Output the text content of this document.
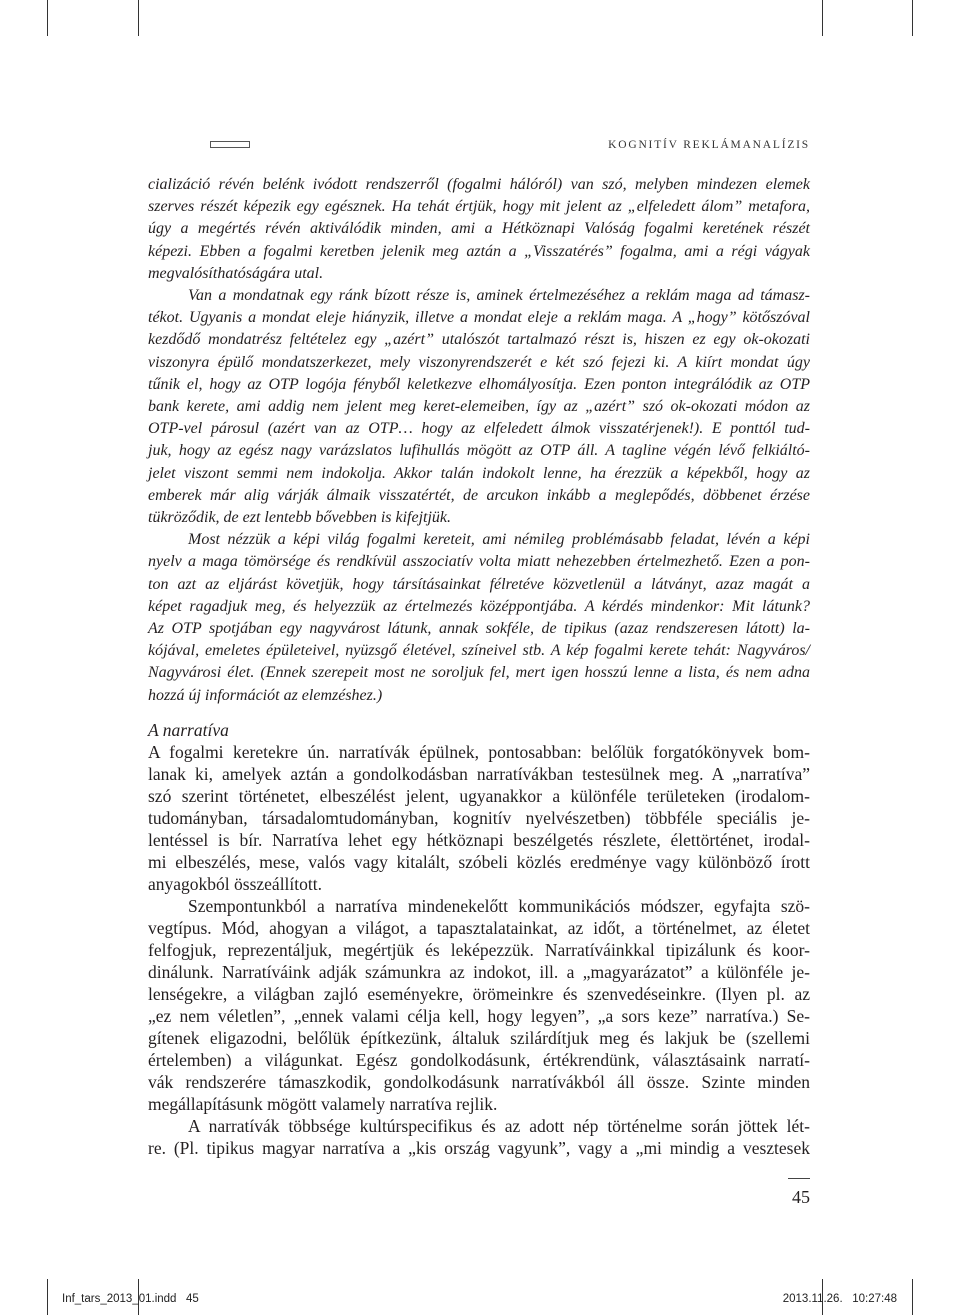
KOGNITÍV REKLÁMANALÍZIS
cializáció révén belénk ivódott rendszerről (fogalmi hálóról) van szó, melyben mindezen elemek
szerves részét képezik egy egésznek. Ha tehát értjük, hogy mit jelent az „elfeledett álom” metafora,
úgy a megértés révén aktiválódik minden, ami a Hétköznapi Valóság fogalmi keretének részét
képezi. Ebben a fogalmi keretben jelenik meg aztán a „Visszatérés” fogalma, ami a régi vágyak
megvalósíthatóságára utal.
Van a mondatnak egy ránk bízott része is, aminek értelmezéséhez a reklám maga ad támasz-
tékot. Ugyanis a mondat eleje hiányzik, illetve a mondat eleje a reklám maga. A „hogy” kötőszóval
kezdődő mondatrész feltételez egy „azért” utalószót tartalmazó részt is, hiszen ez egy ok-okozati
viszonyra épülő mondatszerkezet, mely viszonyrendszerét e két szó fejezi ki. A kiírt mondat úgy
tűnik el, hogy az OTP logója fényből keletkezve elhomályosítja. Ezen ponton integrálódik az OTP
bank kerete, ami addig nem jelent meg keret-elemeiben, így az „azért” szó ok-okozati módon az
OTP-vel párosul (azért van az OTP… hogy az elfeledett álmok visszatérjenek!). E ponttól tud-
juk, hogy az egész nagy varázslatos lufihullás mögött az OTP áll. A tagline végén lévő felkiáltó-
jelet viszont semmi nem indokolja. Akkor talán indokolt lenne, ha érezzük a képekből, hogy az
emberek már alig várják álmaik visszatértét, de arcukon inkább a meglepődés, döbbenet érzése
tükröződik, de ezt lentebb bővebben is kifejtjük.
Most nézzük a képi világ fogalmi kereteit, ami némileg problémásabb feladat, lévén a képi
nyelv a maga tömörsége és rendkívül asszociatív volta miatt nehezebben értelmezhető. Ezen a pon-
ton azt az eljárást követjük, hogy társításainkat félretéve közvetlenül a látványt, azaz magát a
képet ragadjuk meg, és helyezzük az értelmezés középpontjába. A kérdés mindenkor: Mit látunk?
Az OTP spotjában egy nagyvárost látunk, annak sokféle, de tipikus (azaz rendszeresen látott) la-
kójával, emeletes épületeivel, nyüzsgő életével, színeivel stb. A kép fogalmi kerete tehát: Nagyváros/
Nagyvárosi élet. (Ennek szerepeit most ne soroljuk fel, mert igen hosszú lenne a lista, és nem adna
hozzá új információt az elemzéshez.)
A narratíva
A fogalmi keretekre ún. narratívák épülnek, pontosabban: belőlük forgatókönyvek bom-
lanak ki, amelyek aztán a gondolkodásban narratívákban testesülnek meg. A „narratíva”
szó szerint történetet, elbeszélést jelent, ugyanakkor a különféle területeken (irodalom-
tudományban, társadalomtudományban, kognitív nyelvészetben) többféle speciális je-
lentéssel is bír. Narratíva lehet egy hétköznapi beszélgetés részlete, élettörténet, irodal-
mi elbeszélés, mese, valós vagy kitalált, szóbeli közlés eredménye vagy különböző írott
anyagokból összeállított.
Szempontunkból a narratíva mindenekelőtt kommunikációs módszer, egyfajta szö-
vegtípus. Mód, ahogyan a világot, a tapasztalatainkat, az időt, a történelmet, az életet
felfogjuk, reprezentáljuk, megértjük és leképezzük. Narratíváinkkal tipizálunk és koor-
dinálunk. Narratíváink adják számunkra az indokot, ill. a „magyarázatot” a különféle je-
lenségekre, a világban zajló eseményekre, örömeinkre és szenvedéseinkre. (Ilyen pl. az
„ez nem véletlen”, „ennek valami célja kell, hogy legyen”, „a sors keze” narratíva.) Se-
gítenek eligazodni, belőlük építkezünk, általuk szilárdítjuk meg és lakjuk be (szellemi
értelemben) a világunkat. Egész gondolkodásunk, értékrendünk, választásaink narratí-
vák rendszerére támaszkodik, gondolkodásunk narratívákból áll össze. Szinte minden
megállapításunk mögött valamely narratíva rejlik.
A narratívák többsége kultúrspecifikus és az adott nép történelme során jöttek lét-
re. (Pl. tipikus magyar narratíva a „kis ország vagyunk”, vagy a „mi mindig a vesztesek
45
Inf_tars_2013_01.indd   45	2013.11.26.   10:27:48
